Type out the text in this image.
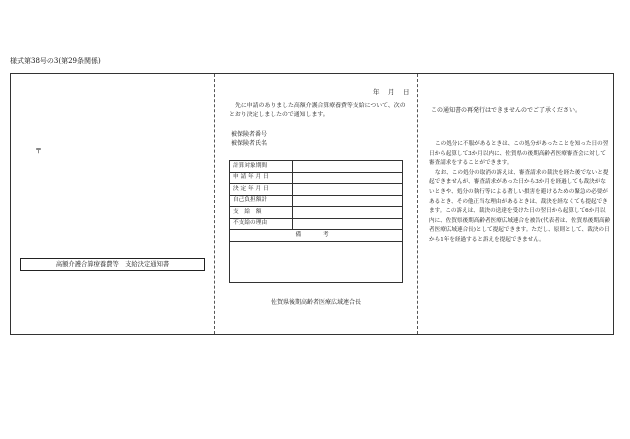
様式第38号の3(第29条関係)
〒
高額介護合算療養費等　支給決定通知書
年　月　日
先に申請のありました高額介護合算療養費等支給について、次のとおり決定しましたので通知します。
被保険者番号
被保険者氏名
計算対象期間	
申 請 年 月 日	
決 定 年 月 日	
自己負担額計	
支　給　額	
不支給の理由	
備　考	

佐賀県後期高齢者医療広域連合長
この通知書の再発行はできませんのでご了承ください。

この処分に不服があるときは、この処分があったことを知った日の翌日から起算して3か月以内に、佐賀県の後期高齢者医療審査会に対して審査請求をすることができます。

なお、この処分の取消の訴えは、審査請求の裁決を経た後でないと提起できませんが、審査請求があった日から3か月を経過しても裁決がないときや、処分の執行等による著しい損害を避けるための緊急の必要があるとき、その他正当な理由があるときは、裁決を経なくても提起できます。この訴えは、裁決の送達を受けた日の翌日から起算して6か月以内に、佐賀県後期高齢者医療広域連合を被告(代表者は、佐賀県後期高齢者医療広域連合長)として提起できます。ただし、原則として、裁決の日から1年を経過すると訴えを提起できません。
